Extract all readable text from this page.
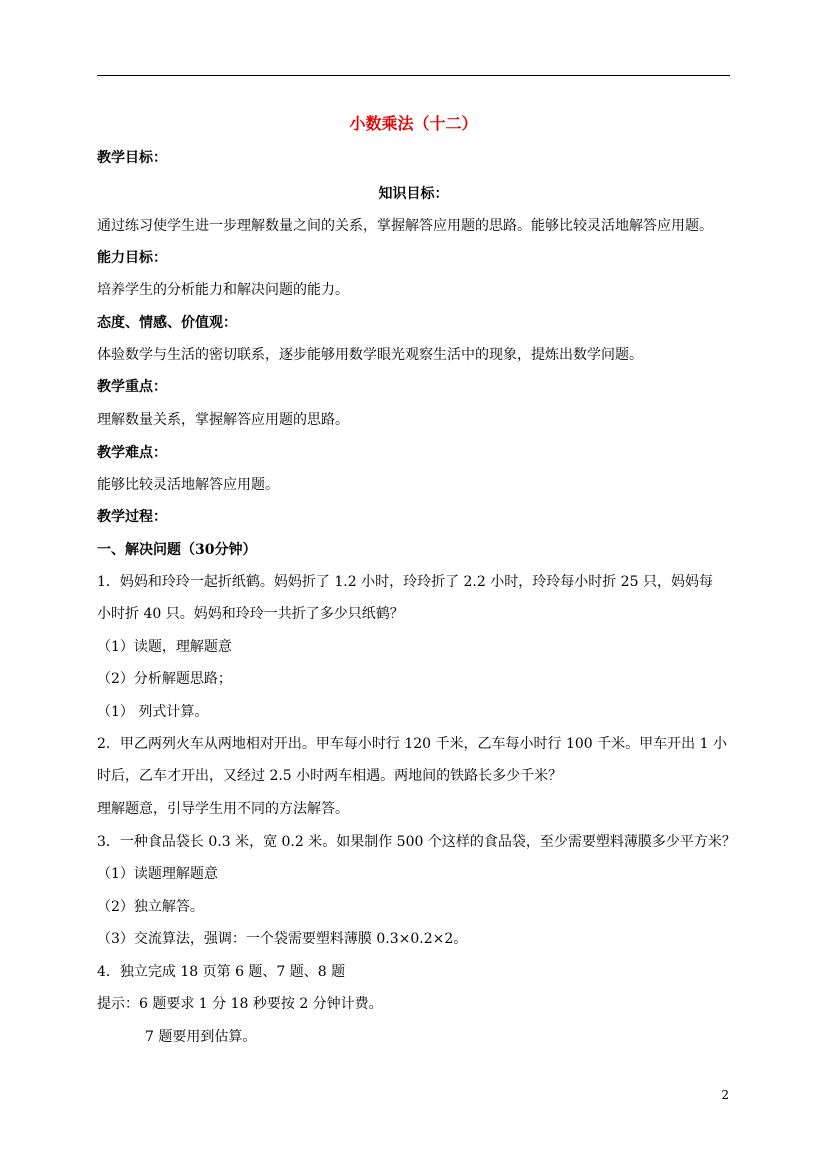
小数乘法（十二）
教学目标：
知识目标：
通过练习使学生进一步理解数量之间的关系，掌握解答应用题的思路。能够比较灵活地解答应用题。
能力目标：
培养学生的分析能力和解决问题的能力。
态度、情感、价值观：
体验数学与生活的密切联系，逐步能够用数学眼光观察生活中的现象，提炼出数学问题。
教学重点：
理解数量关系，掌握解答应用题的思路。
教学难点：
能够比较灵活地解答应用题。
教学过程：
一、解决问题（30分钟）
1．妈妈和玲玲一起折纸鹤。妈妈折了 1.2 小时，玲玲折了 2.2 小时，玲玲每小时折 25 只，妈妈每
小时折 40 只。妈妈和玲玲一共折了多少只纸鹤？
（1）读题，理解题意
（2）分析解题思路；
（1） 列式计算。
2．甲乙两列火车从两地相对开出。甲车每小时行 120 千米，乙车每小时行 100 千米。甲车开出 1 小
时后，乙车才开出，又经过 2.5 小时两车相遇。两地间的铁路长多少千米？
理解题意，引导学生用不同的方法解答。
3．一种食品袋长 0.3 米，宽 0.2 米。如果制作 500 个这样的食品袋，至少需要塑料薄膜多少平方米？
（1）读题理解题意
（2）独立解答。
（3）交流算法，强调：一个袋需要塑料薄膜 0.3×0.2×2。
4．独立完成 18 页第 6 题、7 题、8 题
提示：6 题要求 1 分 18 秒要按 2 分钟计费。
7 题要用到估算。
2
